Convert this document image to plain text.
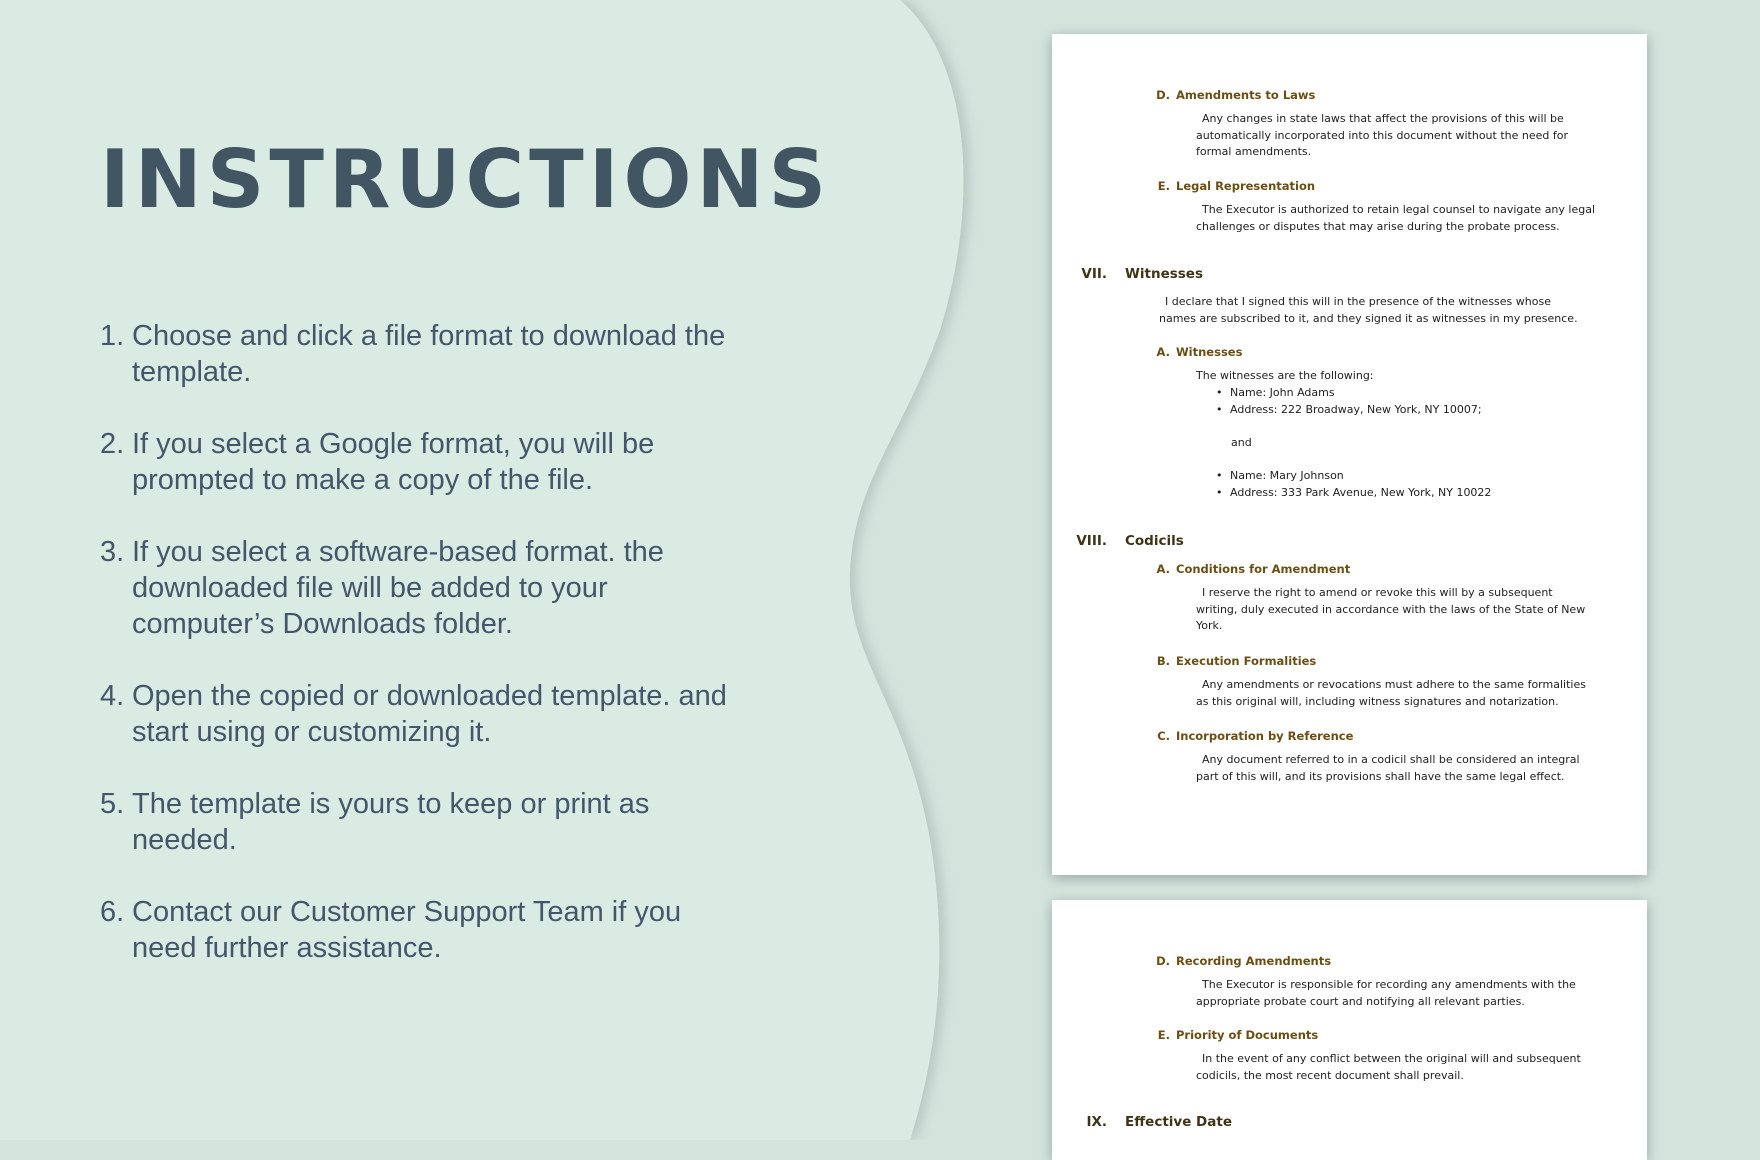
INSTRUCTIONS
1. Choose and click a file format to download the template.
2. If you select a Google format, you will be prompted to make a copy of the file.
3. If you select a software-based format. the downloaded file will be added to your computer’s Downloads folder.
4. Open the copied or downloaded template. and start using or customizing it.
5. The template is yours to keep or print as needed.
6. Contact our Customer Support Team if you need further assistance.
D. Amendments to Laws

Any changes in state laws that affect the provisions of this will be automatically incorporated into this document without the need for formal amendments.

E. Legal Representation

The Executor is authorized to retain legal counsel to navigate any legal challenges or disputes that may arise during the probate process.

VII. Witnesses

I declare that I signed this will in the presence of the witnesses whose names are subscribed to it, and they signed it as witnesses in my presence.

A. Witnesses
The witnesses are the following:
• Name: John Adams
• Address: 222 Broadway, New York, NY 10007;
and
• Name: Mary Johnson
• Address: 333 Park Avenue, New York, NY 10022
VIII. Codicils
A. Conditions for Amendment

I reserve the right to amend or revoke this will by a subsequent writing, duly executed in accordance with the laws of the State of New York.

B. Execution Formalities

Any amendments or revocations must adhere to the same formalities as this original will, including witness signatures and notarization.

C. Incorporation by Reference

Any document referred to in a codicil shall be considered an integral part of this will, and its provisions shall have the same legal effect.

D. Recording Amendments

The Executor is responsible for recording any amendments with the appropriate probate court and notifying all relevant parties.

E. Priority of Documents

In the event of any conflict between the original will and subsequent codicils, the most recent document shall prevail.

IX. Effective Date
